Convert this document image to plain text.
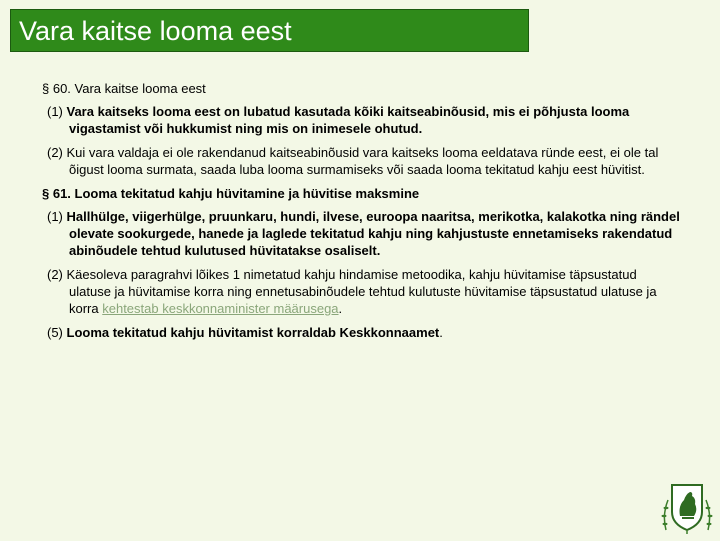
Vara kaitse looma eest
§ 60. Vara kaitse looma eest
(1) Vara kaitseks looma eest on lubatud kasutada kõiki kaitseabinõusid, mis ei põhjusta looma vigastamist või hukkumist ning mis on inimesele ohutud.
(2) Kui vara valdaja ei ole rakendanud kaitseabinõusid vara kaitseks looma eeldatava ründe eest, ei ole tal õigust looma surmata, saada luba looma surmamiseks või saada looma tekitatud kahju eest hüvitist.
§ 61. Looma tekitatud kahju hüvitamine ja hüvitise maksmine
(1) Hallhülge, viigerhülge, pruunkaru, hundi, ilvese, euroopa naaritsa, merikotka, kalakotka ning rändel olevate sookurgede, hanede ja laglede tekitatud kahju ning kahjustuste ennetamiseks rakendatud abinõudele tehtud kulutused hüvitatakse osaliselt.
(2) Käesoleva paragrahvi lõikes 1 nimetatud kahju hindamise metoodika, kahju hüvitamise täpsustatud ulatuse ja hüvitamise korra ning ennetusabinõudele tehtud kulutuste hüvitamise täpsustatud ulatuse ja korra kehtestab keskkonnaminister määrusega.
(5) Looma tekitatud kahju hüvitamist korraldab Keskkonnaamet.
